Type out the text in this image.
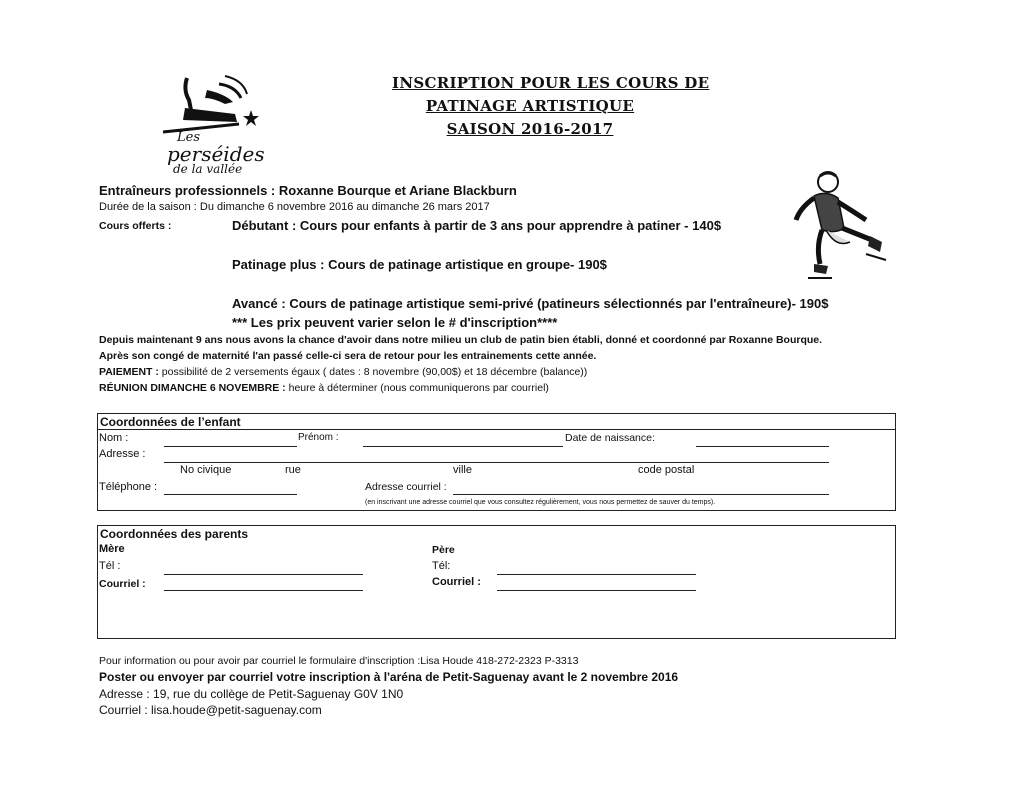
Les
perséides
de la vallée
INSCRIPTION POUR LES COURS DE
PATINAGE ARTISTIQUE
SAISON 2016-2017
Entraîneurs professionnels : Roxanne Bourque et Ariane Blackburn
Durée de la saison : Du dimanche 6 novembre 2016 au dimanche 26 mars 2017
Cours offerts :	Débutant : Cours pour enfants à partir de 3 ans pour apprendre à patiner - 140$
Patinage plus : Cours de patinage artistique en groupe- 190$
Avancé : Cours de patinage artistique semi-privé (patineurs sélectionnés par l'entraîneure)- 190$
*** Les prix peuvent varier selon le # d'inscription****
Depuis maintenant 9 ans nous avons la chance d'avoir dans notre milieu un club de patin bien établi, donné et coordonné par Roxanne Bourque.
Après son congé de maternité l'an passé celle-ci sera de retour pour les entrainements cette année.
PAIEMENT : possibilité de 2 versements égaux ( dates : 8 novembre (90,00$) et 18 décembre (balance))
RÉUNION DIMANCHE 6 NOVEMBRE : heure à déterminer (nous communiquerons par courriel)
Coordonnées de l’enfant
Nom :	Prénom :	Date de naissance:
Adresse :
No civique	rue	ville	code postal
Téléphone :	Adresse courriel :
(en inscrivant une adresse courriel que vous consultez régulièrement, vous nous permettez de sauver du temps).
Coordonnées des parents
Mère	Père
Tél :	Tél:
Courriel :	Courriel :
Pour information ou pour avoir par courriel le formulaire d'inscription :Lisa Houde 418-272-2323 P-3313
Poster ou envoyer par courriel votre inscription à l'aréna de Petit-Saguenay avant le 2 novembre 2016
Adresse : 19, rue du collège de Petit-Saguenay G0V 1N0
Courriel : lisa.houde@petit-saguenay.com
